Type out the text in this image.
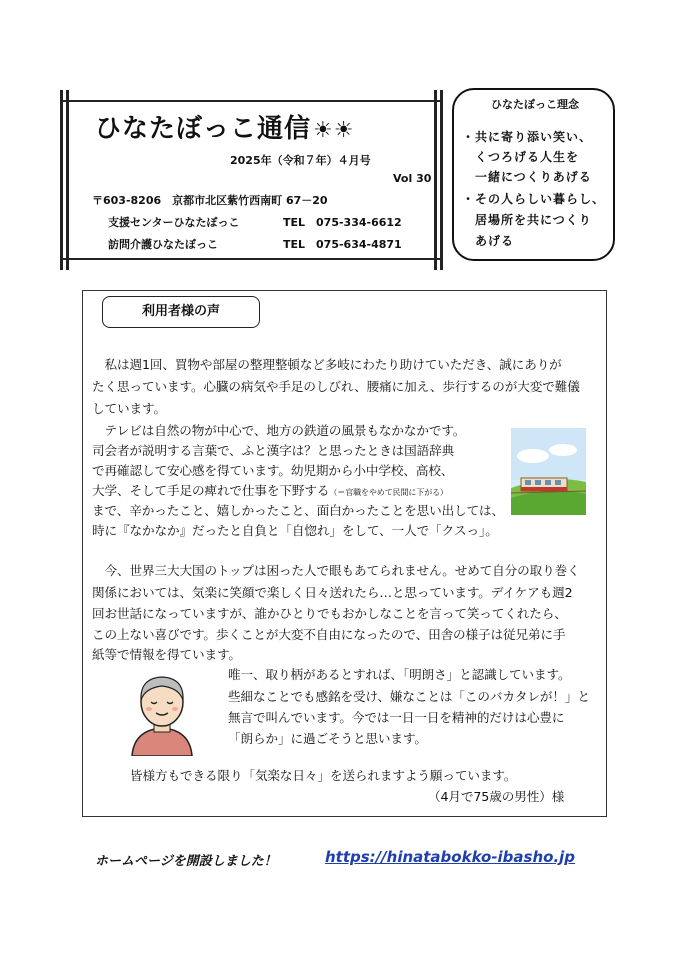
ひなたぼっこ通信☀☀
2025年（令和７年）４月号
Vol 30
〒603-8206　京都市北区紫竹西南町 67－20
支援センターひなたぼっこ	TEL　075-334-6612
訪問介護ひなたぼっこ	TEL　075-634-4871
ひなたぼっこ理念
・共に寄り添い笑い、
　くつろげる人生を
　一緒につくりあげる
・その人らしい暮らし、
　居場所を共につくり
　あげる
利用者様の声
　私は週1回、買物や部屋の整理整頓など多岐にわたり助けていただき、誠にありが
たく思っています。心臓の病気や手足のしびれ、腰痛に加え、歩行するのが大変で難儀
しています。
　テレビは自然の物が中心で、地方の鉄道の風景もなかなかです。
司会者が説明する言葉で、ふと漢字は？と思ったときは国語辞典
で再確認して安心感を得ています。幼児期から小中学校、高校、
大学、そして手足の痺れで仕事を下野する（＝官職をやめて民間に下がる）
まで、辛かったこと、嬉しかったこと、面白かったことを思い出しては、
時に『なかなか』だったと自負と「自惚れ」をして、一人で「クスっ」。
　今、世界三大大国のトップは困った人で眼もあてられません。せめて自分の取り巻く
関係においては、気楽に笑顔で楽しく日々送れたら…と思っています。デイケアも週2
回お世話になっていますが、誰かひとりでもおかしなことを言って笑ってくれたら、
この上ない喜びです。歩くことが大変不自由になったので、田舎の様子は従兄弟に手
紙等で情報を得ています。
唯一、取り柄があるとすれば、「明朗さ」と認識しています。
些細なことでも感銘を受け、嫌なことは「このバカタレが！」と
無言で叫んでいます。今では一日一日を精神的だけは心豊に
「朗らか」に過ごそうと思います。
皆様方もできる限り「気楽な日々」を送られますよう願っています。
（4月で75歳の男性）様
ホームページを開設しました！	https://hinatabokko-ibasho.jp
